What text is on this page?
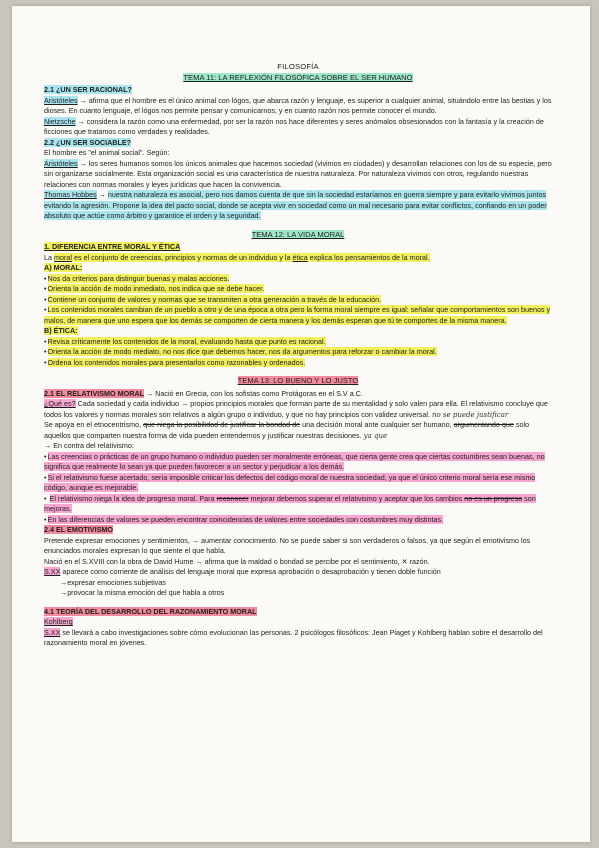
FILOSOFÍA

TEMA 11: LA REFLEXIÓN FILOSÓFICA SOBRE EL SER HUMANO

2.1 ¿UN SER RACIONAL?

Aristóteles → afirma que el hombre es el único animal con lógos, que abarca razón y lenguaje, es superior a cualquier animal, situándolo entre las bestias y los dioses. En cuanto lenguaje, el lógos nos permite pensar y comunicarnos, y en cuanto razón nos permite conocer el mundo.

Nietzsche → considera la razón como una enfermedad, por ser la razón nos hace diferentes y seres anómalos obsesionados con la fantasía y la creación de ficciones que tratamos como verdades y realidades.

2.2 ¿UN SER SOCIABLE?

El hombre es "el animal social". Según:

Aristóteles → los seres humanos somos los únicos animales que hacemos sociedad (vivimos en ciudades) y desarrollan relaciones con los de su especie, pero sin organizarse socialmente. Esta organización social es una característica de nuestra naturaleza. Por naturaleza vivimos con otros, regulando nuestras relaciones con normas morales y leyes jurídicas que hacen la convivencia.

Thomas Hobbes → nuestra naturaleza es asocial, pero nos damos cuenta de que sin la sociedad estaríamos en guerra siempre y para evitarlo vivimos juntos evitando la agresión. Propone la idea del pacto social, donde se acepta vivir en sociedad como un mal necesario para evitar conflictos, confiando en un poder absoluto que actúe como árbitro y garantice el orden y la seguridad.

TEMA 12: LA VIDA MORAL

1. DIFERENCIA ENTRE MORAL Y ÉTICA

La moral es el conjunto de creencias, principios y normas de un individuo y la ética explica los pensamientos de la moral.

A) MORAL:

• Nos da criterios para distinguir buenas y malas acciones.

• Orienta la acción de modo inmediato, nos indica que se debe hacer.

• Contiene un conjunto de valores y normas que se transmiten a otra generación a través de la educación.

• Los contenidos morales cambian de un pueblo a otro y de una época a otra pero la forma moral siempre es igual: señalar que comportamientos son buenos y malos, de manera que uno espera que los demás se comporten de cierta manera y los demás esperan que tú te comportes de la misma manera.

B) ÉTICA:

• Revisa críticamente los contenidos de la moral, evaluando hasta que punto es racional.

• Orienta la acción de modo mediato, no nos dice que debemos hacer, nos da argumentos para reforzar o cambiar la moral.

• Ordena los contenidos morales para presentarlos como razonables y ordenados.

TEMA 13: LO BUENO Y LO JUSTO

2.1 EL RELATIVISMO MORAL → Nació en Grecia, con los sofistas como Protágoras en el S.V a.C.

¿Qué es? Cada sociedad y cada individuo → propios principios morales que forman parte de su mentalidad y solo valen para ella. El relativismo concluye que todos los valores y normas morales son relativos a algún grupo o individuo, y que no hay principios con validez universal. no se puede justificar

Se apoya en el etnocentrismo, que niega la posibilidad de justificar la bondad de una decisión moral ante cualquier ser humano, argumentando que solo aquellos que comparten nuestra forma de vida pueden entendernos y justificar nuestras decisiones. ya que

→ En contra del relativismo:

• Las creencias o prácticas de un grupo humano o individuo pueden ser moralmente erróneas, que cierta gente crea que ciertas costumbres sean buenas, no significa que realmente lo sean ya que pueden favorecer a un sector y perjudicar a los demás.

• Si el relativismo fuese acertado, sería imposible criticar los defectos del código moral de nuestra sociedad, ya que el único criterio moral sería ese mismo código, aunque es mejorable.

• El relativismo niega la idea de progreso moral. Para reconocer mejorar debemos superar el relativismo y aceptar que los cambios no es un progreso son mejoras.

• En las diferencias de valores se pueden encontrar coincidencias de valores entre sociedades con costumbres muy distintas.

2.4 EL EMOTIVISMO

Pretende expresar emociones y sentimientos, → aumentar conocimiento. No se puede saber si son verdaderos o falsos, ya que según el emotivismo los enunciados morales expresan lo que siente el que habla.

Nació en el S.XVIII con la obra de David Hume → afirma que la maldad o bondad se percibe por el sentimiento, ✕ razón.

S.XX aparece como corriente de análisis del lenguaje moral que expresa aprobación o desaprobación y tienen doble función

→expresar emociones subjetivas

→provocar la misma emoción del que habla a otros

4.1 TEORÍA DEL DESARROLLO DEL RAZONAMIENTO MORAL

Kohlberg

S.XX se llevará a cabo investigaciones sobre cómo evolucionan las personas. 2 psicólogos filosóficos: Jean Piaget y Kohlberg hablan sobre el desarrollo del razonamiento moral en jóvenes.
